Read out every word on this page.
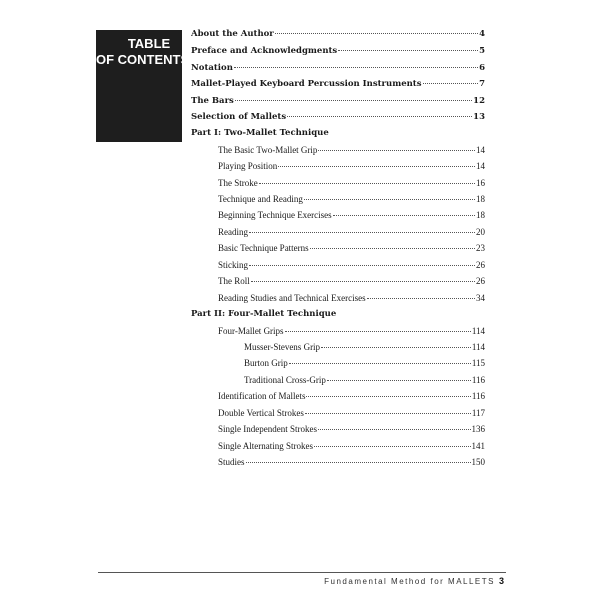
TABLE
OF CONTENTS
About the Author	4
Preface and Acknowledgments	5
Notation	6
Mallet-Played Keyboard Percussion Instruments	7
The Bars	12
Selection of Mallets	13
Part I: Two-Mallet Technique
The Basic Two-Mallet Grip	14
Playing Position	14
The Stroke	16
Technique and Reading	18
Beginning Technique Exercises	18
Reading	20
Basic Technique Patterns	23
Sticking	26
The Roll	26
Reading Studies and Technical Exercises	34
Part II: Four-Mallet Technique
Four-Mallet Grips	114
Musser-Stevens Grip	114
Burton Grip	115
Traditional Cross-Grip	116
Identification of Mallets	116
Double Vertical Strokes	117
Single Independent Strokes	136
Single Alternating Strokes	141
Studies	150
Fundamental Method for MALLETS 3
